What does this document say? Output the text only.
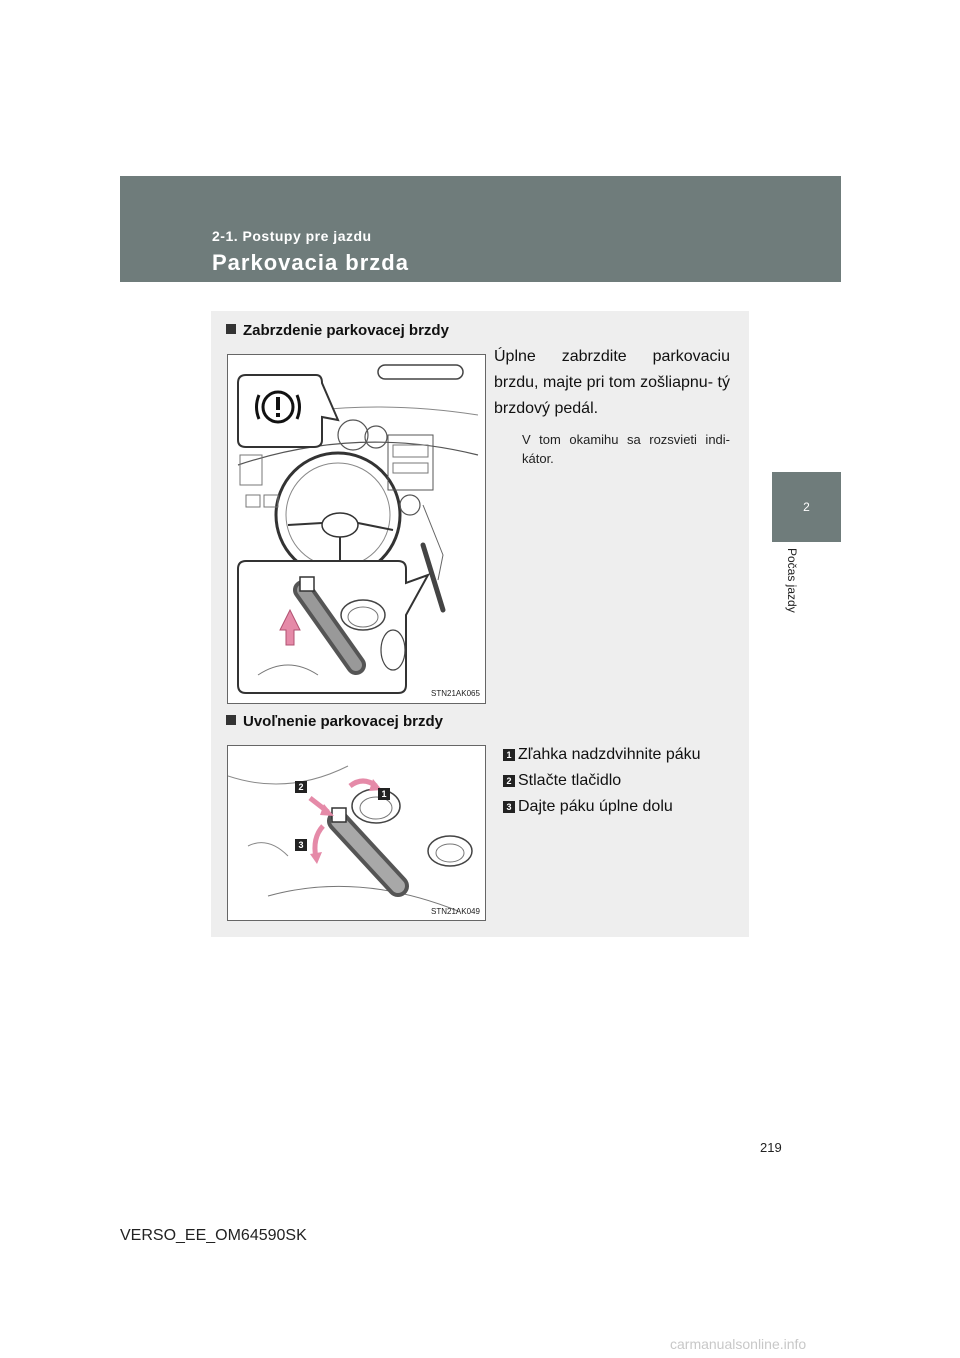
2-1. Postupy pre jazdu
Parkovacia brzda
2
Počas jazdy
Zabrzdenie parkovacej brzdy
STN21AK065
Úplne zabrzdite parkovaciu brzdu, majte pri tom zošliapnu- tý brzdový pedál.
V tom okamihu sa rozsvieti indi- kátor.
Uvoľnenie parkovacej brzdy
1
2
3
STN21AK049
1 Zľahka nadzdvihnite páku
2 Stlačte tlačidlo
3 Dajte páku úplne dolu
219
VERSO_EE_OM64590SK
carmanualsonline.info
